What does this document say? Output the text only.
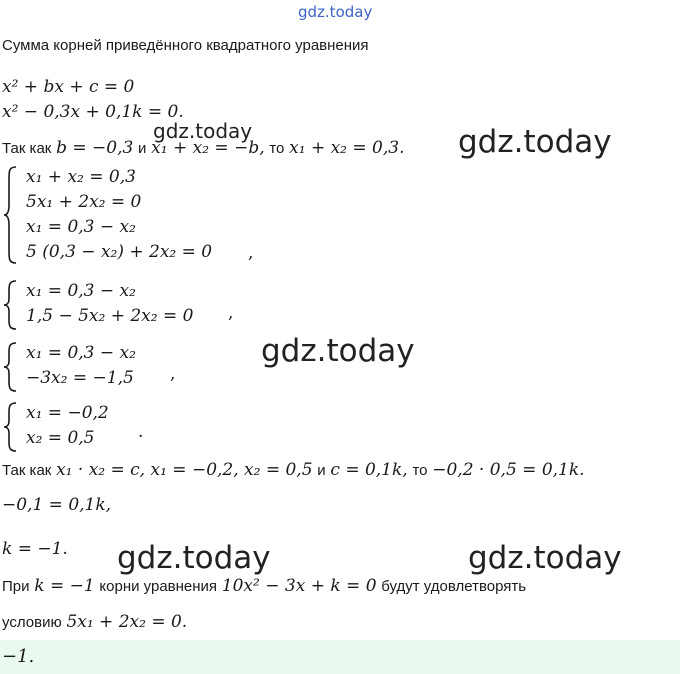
gdz.today
gdz.today	gdz.today
gdz.today
gdz.today	gdz.today
Сумма корней приведённого квадратного уравнения
x² + bx + c = 0
x² − 0,3x + 0,1k = 0.
Так как b = −0,3 и x₁ + x₂ = −b, то x₁ + x₂ = 0,3.
x₁ + x₂ = 0,3
5x₁ + 2x₂ = 0
x₁ = 0,3 − x₂
5 (0,3 − x₂) + 2x₂ = 0 ,
x₁ = 0,3 − x₂
1,5 − 5x₂ + 2x₂ = 0 ,
x₁ = 0,3 − x₂
−3x₂ = −1,5 ,
x₁ = −0,2
x₂ = 0,5	.
Так как x₁ · x₂ = c, x₁ = −0,2, x₂ = 0,5 и c = 0,1k, то −0,2 · 0,5 = 0,1k.
−0,1 = 0,1k,
k = −1.
При k = −1 корни уравнения 10x² − 3x + k = 0 будут удовлетворять
условию 5x₁ + 2x₂ = 0.
−1.
